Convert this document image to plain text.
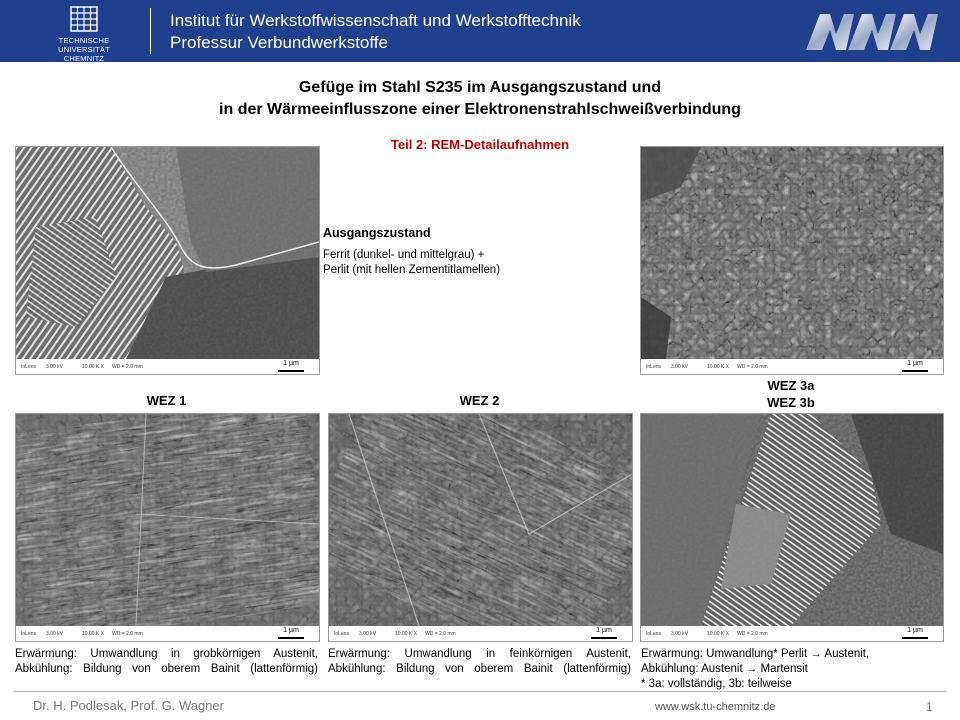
TECHNISCHE UNIVERSITÄT
CHEMNITZ
Institut für Werkstoffwissenschaft und Werkstofftechnik
Professur Verbundwerkstoffe
Gefüge im Stahl S235 im Ausgangszustand und
in der Wärmeeinflusszone einer Elektronenstrahlschweißverbindung
Teil 2: REM-Detailaufnahmen
InLens 3.00 kV	10.00 K X WD = 2.0 mm	1 µm
Ausgangszustand
Ferrit (dunkel- und mittelgrau) +
Perlit (mit hellen Zementitlamellen)
InLens 3.00 kV	10.00 K X WD = 2.0 mm	1 µm
WEZ 1	WEZ 2
WEZ 3a
WEZ 3b
InLens 3.00 kV	10.00 K X WD = 2.0 mm	1 µm	InLens 3.00 kV	10.00 K X WD = 2.0 mm	1 µm	InLens 3.00 kV	10.00 K X WD = 2.0 mm	1 µm
Erwärmung: Umwandlung in grobkörnigen Austenit,
Abkühlung: Bildung von oberem Bainit (lattenförmig)
Erwärmung: Umwandlung in feinkörnigen Austenit,
Abkühlung: Bildung von oberem Bainit (lattenförmig)
Erwärmung: Umwandlung* Perlit → Austenit,
Abkühlung: Austenit → Martensit
* 3a: vollständig, 3b: teilweise
Dr. H. Podlesak, Prof. G. Wagner	www.wsk.tu-chemnitz.de	1
